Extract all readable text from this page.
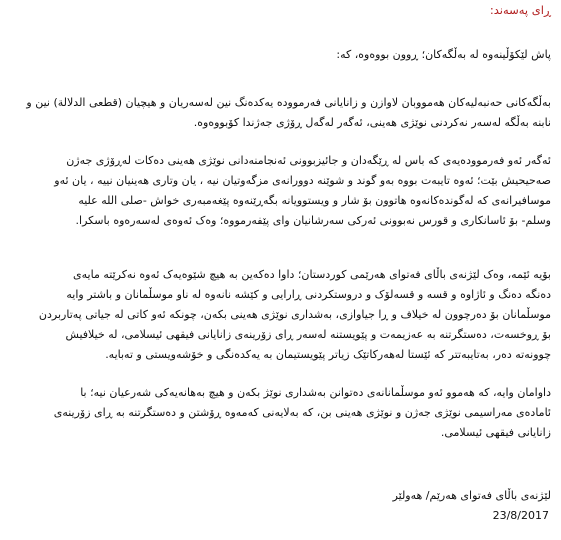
ڕای پەسەند:
پاش لێکۆڵینەوە لە بەڵگەکان؛ ڕوون بووەوە، کە:
بەڵگەکانی حەنبەلیەکان هەمووبان لاوازن و زانایانی فەرموودە یەکدەنگ نین لەسەریان و هیچیان (قطعی الدلالة) نین و
نابنە بەڵگە لەسەر نەکردنی نوێژی هەینی، ئەگەر لەگەل ڕۆژی جەژندا کۆبووەوە.
ئەگەر ئەو فەرموودەیەی کە باس لە ڕێگەدان و جائیزبوونی ئەنجامنەدانی نوێژی هەینی دەکات لەڕۆژی جەژن
صەحیحیش بێت؛ ئەوە تایبەت بووە بەو گوند و شوێنە دوورانەی مزگەوتیان نیە ، یان وتاری هەینیان نییە ، یان ئەو
موسافیرانەی کە لەگوندەکانەوە هاتوون بۆ شار و ویستوویانە بگەڕێنەوە پێغەمبەری خواش -صلی الله علیە
وسلم- بۆ ئاسانکاری و قورس نەبوونی ئەرکی سەرشانیان وای پێفەرمووە؛ وەک ئەوەی لەسەرەوە باسکرا.
بۆیە ئێمە، وەک لێژنەی باڵای فەتوای هەرێمی کوردستان؛ داوا دەکەین بە هیچ شێوەیەک ئەوە نەکرێتە مایەی
دەنگە دەنگ و ئاژاوە و قسە و قسەلۆک و دروستکردنی ڕارایی و کێشە نانەوە لە ناو موسڵمانان و باشتر وایە
موسڵمانان بۆ دەرچوون لە خیلاف و ڕا جیاوازی، بەشداری نوێژی هەینی بکەن، چونکە ئەو کاتی لە جیاتی پەتاربردن
بۆ ڕوخسەت، دەستگرتنە بە عەزیمەت و پێویستنە لەسەر ڕای زۆرینەی زانایانی فیقهی ئیسلامی، لە خیلافیش
چوونەتە دەر، بەتایبەتتر کە ئێستا لەهەرکاتێک زیاتر پێویستیمان بە یەکدەنگی و خۆشەویستی و تەبایە.
داوامان وایە، کە هەموو ئەو موسڵمانانەی دەتوانن بەشداری نوێژ بکەن و هیچ بەهانەیەکی شەرعیان نیە؛ با
ئامادەی مەراسیمی نوێژی جەژن و نوێژی هەینی بن، کە بەلایەنی کەمەوە ڕۆشتن و دەستگرتنە بە ڕای زۆرینەی
زانایانی فیقهی ئیسلامی.
لێژنەی باڵای فەتوای هەرێم/ هەولێر
23/8/2017
